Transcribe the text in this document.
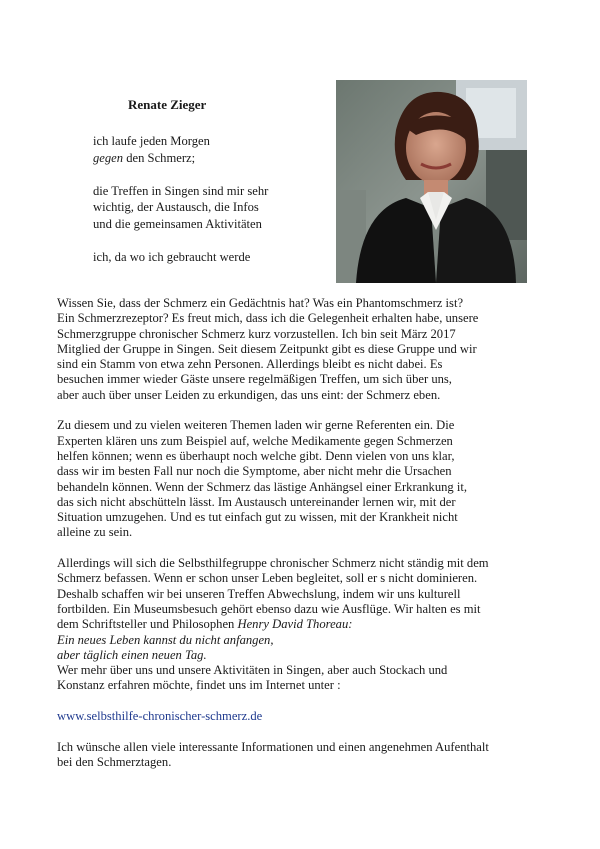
Renate Zieger
ich laufe jeden Morgen
gegen den Schmerz;
die Treffen in Singen sind mir sehr
wichtig, der Austausch, die Infos
und die gemeinsamen Aktivitäten
ich, da wo ich gebraucht werde
Wissen Sie, dass der Schmerz ein Gedächtnis hat? Was ein Phantomschmerz ist?
Ein Schmerzrezeptor? Es freut mich, dass ich die Gelegenheit erhalten habe, unsere
Schmerzgruppe chronischer Schmerz kurz vorzustellen. Ich bin seit März 2017
Mitglied der Gruppe in Singen. Seit diesem Zeitpunkt gibt es diese Gruppe und wir
sind ein Stamm von etwa zehn Personen. Allerdings bleibt es nicht dabei. Es
besuchen immer wieder Gäste unsere regelmäßigen Treffen, um sich über uns,
aber auch über unser Leiden zu erkundigen, das uns eint: der Schmerz eben.
Zu diesem und zu vielen weiteren Themen laden wir gerne Referenten ein. Die
Experten klären uns zum Beispiel auf, welche Medikamente gegen Schmerzen
helfen können; wenn es überhaupt noch welche gibt. Denn vielen von uns klar,
dass wir im besten Fall nur noch die Symptome, aber nicht mehr die Ursachen
behandeln können. Wenn der Schmerz das lästige Anhängsel einer Erkrankung it,
das sich nicht abschütteln lässt. Im Austausch untereinander lernen wir, mit der
Situation umzugehen. Und es tut einfach gut zu wissen, mit der Krankheit nicht
alleine zu sein.
Allerdings will sich die Selbsthilfegruppe chronischer Schmerz nicht ständig mit dem
Schmerz befassen. Wenn er schon unser Leben begleitet, soll er s nicht dominieren.
Deshalb schaffen wir bei unseren Treffen Abwechslung, indem wir uns kulturell
fortbilden. Ein Museumsbesuch gehört ebenso dazu wie Ausflüge. Wir halten es mit
dem Schriftsteller und Philosophen Henry David Thoreau:
Ein neues Leben kannst du nicht anfangen,
aber täglich einen neuen Tag.
Wer mehr über uns und unsere Aktivitäten in Singen, aber auch Stockach und
Konstanz erfahren möchte, findet uns im Internet unter :
www.selbsthilfe-chronischer-schmerz.de
Ich wünsche allen viele interessante Informationen und einen angenehmen Aufenthalt
bei den Schmerztagen.
